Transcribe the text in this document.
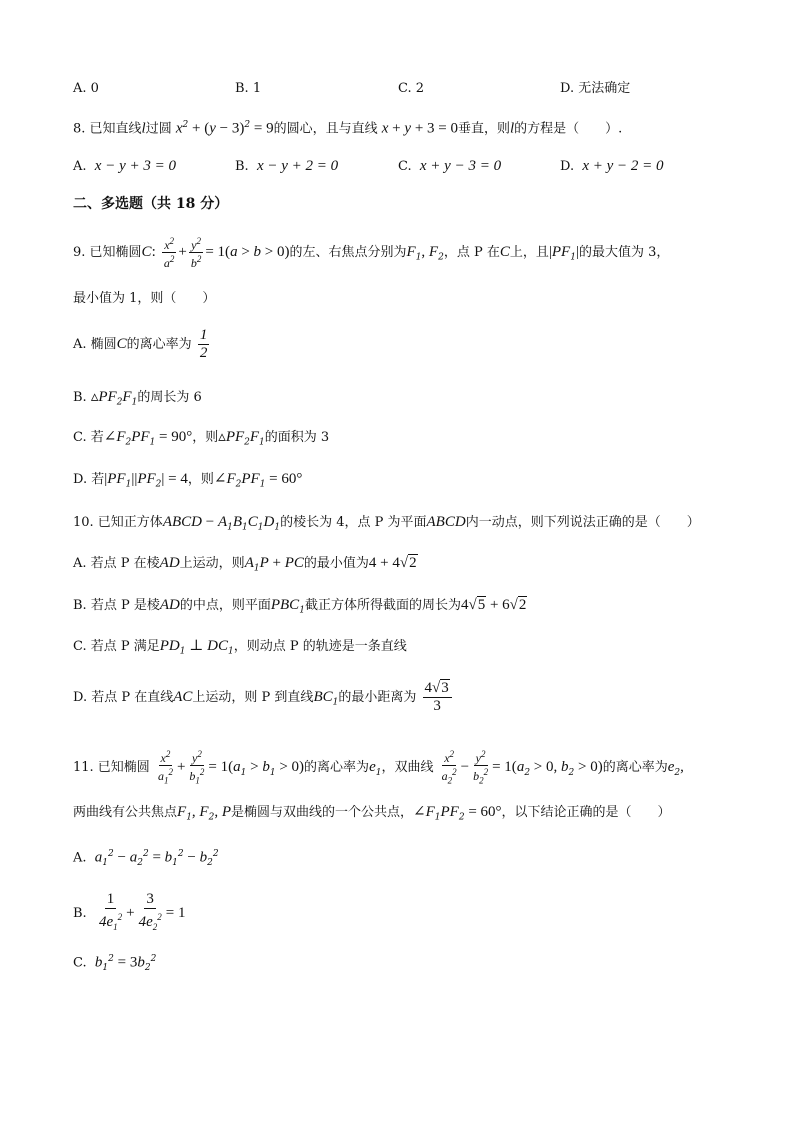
A. 0	B. 1	C. 2	D. 无法确定
8. 已知直线l过圆 $x^2 + (y - 3)^2 = 9$的圆心，且与直线 x + y + 3 = 0垂直，则l的方程是（　　）.
A. x − y + 3 = 0	B. x − y + 2 = 0	C. x + y − 3 = 0	D. x + y − 2 = 0
二、多选题（共 18 分）
9. 已知椭圆C: $\frac{x^2}{a^2} + \frac{y^2}{b^2} = 1(a > b > 0)$的左、右焦点分别为$F_1$, $F_2$，点 P 在C上，且$|PF_1|$的最大值为 3，
最小值为 1，则（　　）
A. 椭圆C的离心率为 $\frac{1}{2}$
B. $▵PF_2F_1$的周长为 6
C. 若$\angle F_2PF_1 = 90^\circ$，则$▵PF_2F_1$的面积为 3
D. 若$|PF_1||PF_2| = 4$，则$\angle F_2PF_1 = 60^\circ$
10. 已知正方体ABCD − $A_1B_1C_1D_1$的棱长为 4，点 P 为平面ABCD内一动点，则下列说法正确的是（　　）
A. 若点 P 在棱AD上运动，则$A_1P$ + PC的最小值为4 + 4√2
B. 若点 P 是棱AD的中点，则平面$PBC_1$截正方体所得截面的周长为4√5 + 6√2
C. 若点 P 满足$PD_1$ ⊥ $DC_1$，则动点 P 的轨迹是一条直线
D. 若点 P 在直线AC上运动，则 P 到直线$BC_1$的最小距离为 $\frac{4√3}{3}$
11. 已知椭圆 $\frac{x^2}{a_1^2} + \frac{y^2}{b_1^2} = 1(a_1 > b_1 > 0)$的离心率为$e_1$，双曲线 $\frac{x^2}{a_2^2} - \frac{y^2}{b_2^2} = 1(a_2 > 0$, $b_2 > 0$)的离心率为$e_2$,
两曲线有公共焦点$F_1$, $F_2$, P是椭圆与双曲线的一个公共点，$\angle F_1PF_2 = 60^\circ$，以下结论正确的是（　　）
A. $a_1^2 - a_2^2 = b_1^2 - b_2^2$
B. $\frac{1}{4e_1^2} + \frac{3}{4e_2^2} = 1$
C. $b_1^2 = 3b_2^2$
